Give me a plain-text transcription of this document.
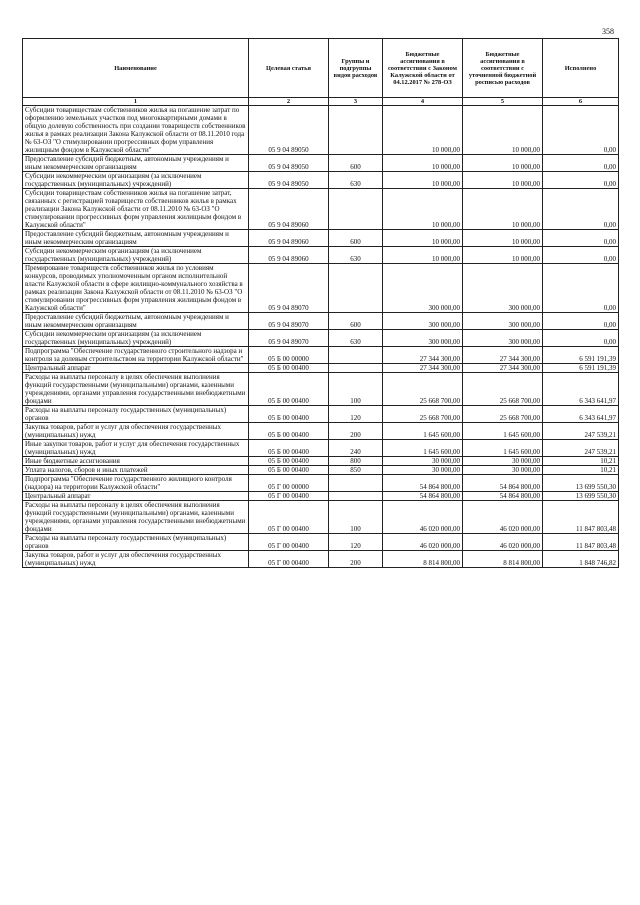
358
Наименование	Целевая статья	Группы и подгруппы видов расходов	Бюджетные ассигнования в соответствии с Законом Калужской области от 04.12.2017 № 278-ОЗ	Бюджетные ассигнования в соответствии с уточненной бюджетной росписью расходов	Исполнено
1	2	3	4	5	6
Субсидии товариществам собственников жилья на погашение затрат по оформлению земельных участков под многоквартирными домами в общую долевую собственность при создании товариществ собственников жилья в рамках реализации Закона Калужской области от 08.11.2010 года № 63-ОЗ "О стимулировании прогрессивных форм управления жилищным фондом в Калужской области"	05 9 04 89050		10 000,00	10 000,00	0,00
Предоставление субсидий бюджетным, автономным учреждениям и иным некоммерческим организациям	05 9 04 89050	600	10 000,00	10 000,00	0,00
Субсидии некоммерческим организациям (за исключением государственных (муниципальных) учреждений)	05 9 04 89050	630	10 000,00	10 000,00	0,00
Субсидии товариществам собственников жилья на погашение затрат, связанных с регистрацией товариществ собственников жилья в рамках реализации Закона Калужской области от 08.11.2010 № 63-ОЗ "О стимулировании прогрессивных форм управления жилищным фондом в Калужской области"	05 9 04 89060		10 000,00	10 000,00	0,00
Предоставление субсидий бюджетным, автономным учреждениям и иным некоммерческим организациям	05 9 04 89060	600	10 000,00	10 000,00	0,00
Субсидии некоммерческим организациям (за исключением государственных (муниципальных) учреждений)	05 9 04 89060	630	10 000,00	10 000,00	0,00
Премирование товариществ собственников жилья по условиям конкурсов, проводимых уполномоченным органом исполнительной власти Калужской области в сфере жилищно-коммунального хозяйства в рамках реализации Закона Калужской области от 08.11.2010 № 63-ОЗ "О стимулировании прогрессивных форм управления жилищным фондом в Калужской области"	05 9 04 89070		300 000,00	300 000,00	0,00
Предоставление субсидий бюджетным, автономным учреждениям и иным некоммерческим организациям	05 9 04 89070	600	300 000,00	300 000,00	0,00
Субсидии некоммерческим организациям (за исключением государственных (муниципальных) учреждений)	05 9 04 89070	630	300 000,00	300 000,00	0,00
Подпрограмма "Обеспечение государственного строительного надзора и контроля за долевым строительством на территории Калужской области"	05 Б 00 00000		27 344 300,00	27 344 300,00	6 591 191,39
Центральный аппарат	05 Б 00 00400		27 344 300,00	27 344 300,00	6 591 191,39
Расходы на выплаты персоналу в целях обеспечения выполнения функций государственными (муниципальными) органами, казенными учреждениями, органами управления государственными внебюджетными фондами	05 Б 00 00400	100	25 668 700,00	25 668 700,00	6 343 641,97
Расходы на выплаты персоналу государственных (муниципальных) органов	05 Б 00 00400	120	25 668 700,00	25 668 700,00	6 343 641,97
Закупка товаров, работ и услуг для обеспечения государственных (муниципальных) нужд	05 Б 00 00400	200	1 645 600,00	1 645 600,00	247 539,21
Иные закупки товаров, работ и услуг для обеспечения государственных (муниципальных) нужд	05 Б 00 00400	240	1 645 600,00	1 645 600,00	247 539,21
Иные бюджетные ассигнования	05 Б 00 00400	800	30 000,00	30 000,00	10,21
Уплата налогов, сборов и иных платежей	05 Б 00 00400	850	30 000,00	30 000,00	10,21
Подпрограмма "Обеспечение государственного жилищного контроля (надзора) на территории Калужской области"	05 Г 00 00000		54 864 800,00	54 864 800,00	13 699 550,30
Центральный аппарат	05 Г 00 00400		54 864 800,00	54 864 800,00	13 699 550,30
Расходы на выплаты персоналу в целях обеспечения выполнения функций государственными (муниципальными) органами, казенными учреждениями, органами управления государственными внебюджетными фондами	05 Г 00 00400	100	46 020 000,00	46 020 000,00	11 847 803,48
Расходы на выплаты персоналу государственных (муниципальных) органов	05 Г 00 00400	120	46 020 000,00	46 020 000,00	11 847 803,48
Закупка товаров, работ и услуг для обеспечения государственных (муниципальных) нужд	05 Г 00 00400	200	8 814 800,00	8 814 800,00	1 848 746,82
